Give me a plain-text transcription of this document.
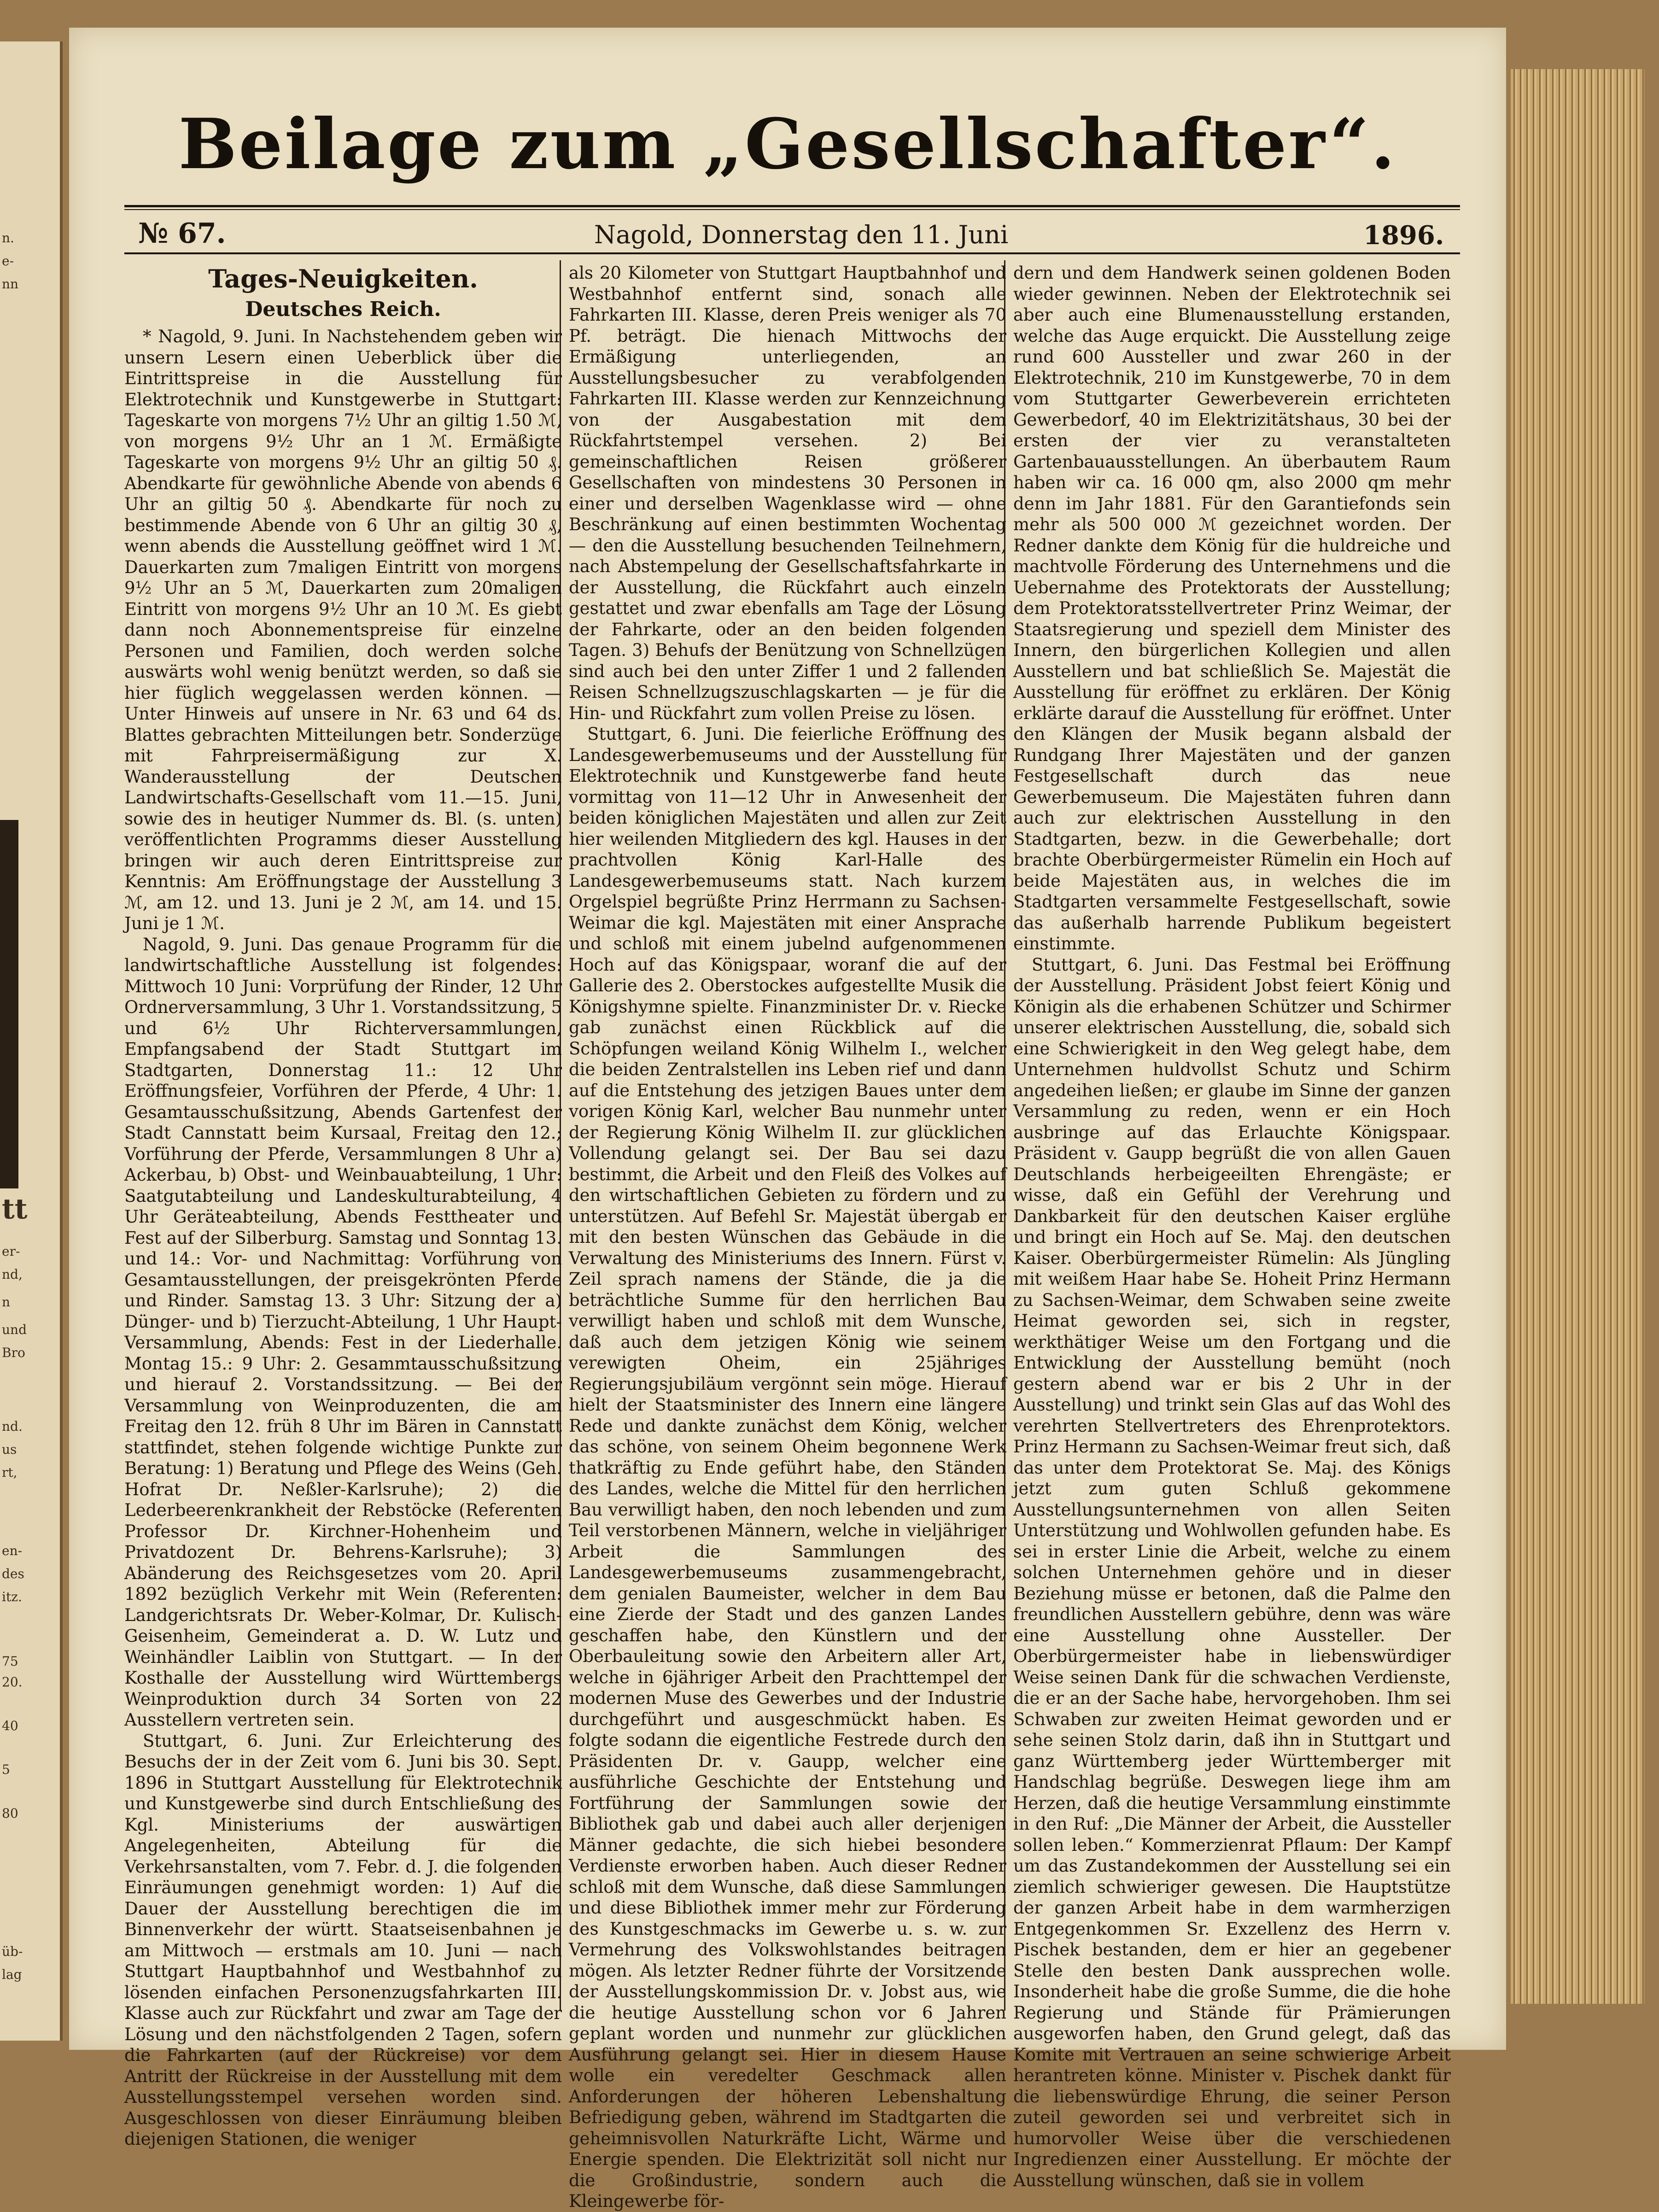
n.
e-
nn
tt
er-
nd,
n
und
Bro
nd.
us
rt,
en-
des
itz.
75
20.
40
5
80
üb-
lag
Beilage zum „Gesellschafter“.
№ 67.	Nagold, Donnerstag den 11. Juni	1896.
Tages-Neuigkeiten.
Deutsches Reich.

* Nagold, 9. Juni. In Nachstehendem geben wir unsern Lesern einen Ueberblick über die Eintrittspreise in die Ausstellung für Elektrotechnik und Kunstgewerbe in Stuttgart: Tageskarte von morgens 7½ Uhr an giltig 1.50 ℳ, von morgens 9½ Uhr an 1 ℳ. Ermäßigte Tageskarte von morgens 9½ Uhr an giltig 50 ₰. Abendkarte für gewöhnliche Abende von abends 6 Uhr an giltig 50 ₰. Abendkarte für noch zu bestimmende Abende von 6 Uhr an giltig 30 ₰, wenn abends die Ausstellung geöffnet wird 1 ℳ. Dauerkarten zum 7maligen Eintritt von morgens 9½ Uhr an 5 ℳ, Dauerkarten zum 20maligen Eintritt von morgens 9½ Uhr an 10 ℳ. Es giebt dann noch Abonnementspreise für einzelne Personen und Familien, doch werden solche auswärts wohl wenig benützt werden, so daß sie hier füglich weggelassen werden können. — Unter Hinweis auf unsere in Nr. 63 und 64 ds. Blattes gebrachten Mitteilungen betr. Sonderzüge mit Fahrpreisermäßigung zur X. Wanderausstellung der Deutschen Landwirtschafts-Gesellschaft vom 11.—15. Juni, sowie des in heutiger Nummer ds. Bl. (s. unten) veröffentlichten Programms dieser Ausstellung bringen wir auch deren Eintrittspreise zur Kenntnis: Am Eröffnungstage der Ausstellung 3 ℳ, am 12. und 13. Juni je 2 ℳ, am 14. und 15. Juni je 1 ℳ.

Nagold, 9. Juni. Das genaue Programm für die landwirtschaftliche Ausstellung ist folgendes: Mittwoch 10 Juni: Vorprüfung der Rinder, 12 Uhr Ordnerversammlung, 3 Uhr 1. Vorstandssitzung, 5 und 6½ Uhr Richterversammlungen, Empfangsabend der Stadt Stuttgart im Stadtgarten, Donnerstag 11.: 12 Uhr Eröffnungsfeier, Vorführen der Pferde, 4 Uhr: 1. Gesamtausschußsitzung, Abends Gartenfest der Stadt Cannstatt beim Kursaal, Freitag den 12.; Vorführung der Pferde, Versammlungen 8 Uhr a) Ackerbau, b) Obst- und Weinbauabteilung, 1 Uhr: Saatgutabteilung und Landeskulturabteilung, 4 Uhr Geräteabteilung, Abends Festtheater und Fest auf der Silberburg. Samstag und Sonntag 13. und 14.: Vor- und Nachmittag: Vorführung von Gesamtausstellungen, der preisgekrönten Pferde und Rinder. Samstag 13. 3 Uhr: Sitzung der a) Dünger- und b) Tierzucht-Abteilung, 1 Uhr Haupt-Versammlung, Abends: Fest in der Liederhalle. Montag 15.: 9 Uhr: 2. Gesammtausschußsitzung und hierauf 2. Vorstandssitzung. — Bei der Versammlung von Weinproduzenten, die am Freitag den 12. früh 8 Uhr im Bären in Cannstatt stattfindet, stehen folgende wichtige Punkte zur Beratung: 1) Beratung und Pflege des Weins (Geh. Hofrat Dr. Neßler-Karlsruhe); 2) die Lederbeerenkrankheit der Rebstöcke (Referenten Professor Dr. Kirchner-Hohenheim und Privatdozent Dr. Behrens-Karlsruhe); 3) Abänderung des Reichsgesetzes vom 20. April 1892 bezüglich Verkehr mit Wein (Referenten: Landgerichtsrats Dr. Weber-Kolmar, Dr. Kulisch-Geisenheim, Gemeinderat a. D. W. Lutz und Weinhändler Laiblin von Stuttgart. — In der Kosthalle der Ausstellung wird Württembergs Weinproduktion durch 34 Sorten von 22 Ausstellern vertreten sein.

Stuttgart, 6. Juni. Zur Erleichterung des Besuchs der in der Zeit vom 6. Juni bis 30. Sept. 1896 in Stuttgart Ausstellung für Elektrotechnik und Kunstgewerbe sind durch Entschließung des Kgl. Ministeriums der auswärtigen Angelegenheiten, Abteilung für die Verkehrsanstalten, vom 7. Febr. d. J. die folgenden Einräumungen genehmigt worden: 1) Auf die Dauer der Ausstellung berechtigen die im Binnenverkehr der württ. Staatseisenbahnen je am Mittwoch — erstmals am 10. Juni — nach Stuttgart Hauptbahnhof und Westbahnhof zu lösenden einfachen Personenzugsfahrkarten III. Klasse auch zur Rückfahrt und zwar am Tage der Lösung und den nächstfolgenden 2 Tagen, sofern die Fahrkarten (auf der Rückreise) vor dem Antritt der Rückreise in der Ausstellung mit dem Ausstellungsstempel versehen worden sind. Ausgeschlossen von dieser Einräumung bleiben diejenigen Stationen, die weniger

als 20 Kilometer von Stuttgart Hauptbahnhof und Westbahnhof entfernt sind, sonach alle Fahrkarten III. Klasse, deren Preis weniger als 70 Pf. beträgt. Die hienach Mittwochs der Ermäßigung unterliegenden, an Ausstellungsbesucher zu verabfolgenden Fahrkarten III. Klasse werden zur Kennzeichnung von der Ausgabestation mit dem Rückfahrtstempel versehen. 2) Bei gemeinschaftlichen Reisen größerer Gesellschaften von mindestens 30 Personen in einer und derselben Wagenklasse wird — ohne Beschränkung auf einen bestimmten Wochentag — den die Ausstellung besuchenden Teilnehmern, nach Abstempelung der Gesellschaftsfahrkarte in der Ausstellung, die Rückfahrt auch einzeln gestattet und zwar ebenfalls am Tage der Lösung der Fahrkarte, oder an den beiden folgenden Tagen. 3) Behufs der Benützung von Schnellzügen sind auch bei den unter Ziffer 1 und 2 fallenden Reisen Schnellzugszuschlagskarten — je für die Hin- und Rückfahrt zum vollen Preise zu lösen.

Stuttgart, 6. Juni. Die feierliche Eröffnung des Landesgewerbemuseums und der Ausstellung für Elektrotechnik und Kunstgewerbe fand heute vormittag von 11—12 Uhr in Anwesenheit der beiden königlichen Majestäten und allen zur Zeit hier weilenden Mitgliedern des kgl. Hauses in der prachtvollen König Karl-Halle des Landesgewerbemuseums statt. Nach kurzem Orgelspiel begrüßte Prinz Herrmann zu Sachsen-Weimar die kgl. Majestäten mit einer Ansprache und schloß mit einem jubelnd aufgenommenen Hoch auf das Königspaar, woranf die auf der Gallerie des 2. Oberstockes aufgestellte Musik die Königshymne spielte. Finanzminister Dr. v. Riecke gab zunächst einen Rückblick auf die Schöpfungen weiland König Wilhelm I., welcher die beiden Zentralstellen ins Leben rief und dann auf die Entstehung des jetzigen Baues unter dem vorigen König Karl, welcher Bau nunmehr unter der Regierung König Wilhelm II. zur glücklichen Vollendung gelangt sei. Der Bau sei dazu bestimmt, die Arbeit und den Fleiß des Volkes auf den wirtschaftlichen Gebieten zu fördern und zu unterstützen. Auf Befehl Sr. Majestät übergab er mit den besten Wünschen das Gebäude in die Verwaltung des Ministeriums des Innern. Fürst v. Zeil sprach namens der Stände, die ja die beträchtliche Summe für den herrlichen Bau verwilligt haben und schloß mit dem Wunsche, daß auch dem jetzigen König wie seinem verewigten Oheim, ein 25jähriges Regierungsjubiläum vergönnt sein möge. Hierauf hielt der Staatsminister des Innern eine längere Rede und dankte zunächst dem König, welcher das schöne, von seinem Oheim begonnene Werk thatkräftig zu Ende geführt habe, den Ständen des Landes, welche die Mittel für den herrlichen Bau verwilligt haben, den noch lebenden und zum Teil verstorbenen Männern, welche in vieljähriger Arbeit die Sammlungen des Landesgewerbemuseums zusammengebracht, dem genialen Baumeister, welcher in dem Bau eine Zierde der Stadt und des ganzen Landes geschaffen habe, den Künstlern und der Oberbauleitung sowie den Arbeitern aller Art, welche in 6jähriger Arbeit den Prachttempel der modernen Muse des Gewerbes und der Industrie durchgeführt und ausgeschmückt haben. Es folgte sodann die eigentliche Festrede durch den Präsidenten Dr. v. Gaupp, welcher eine ausführliche Geschichte der Entstehung und Fortführung der Sammlungen sowie der Bibliothek gab und dabei auch aller derjenigen Männer gedachte, die sich hiebei besondere Verdienste erworben haben. Auch dieser Redner schloß mit dem Wunsche, daß diese Sammlungen und diese Bibliothek immer mehr zur Förderung des Kunstgeschmacks im Gewerbe u. s. w. zur Vermehrung des Volkswohlstandes beitragen mögen. Als letzter Redner führte der Vorsitzende der Ausstellungskommission Dr. v. Jobst aus, wie die heutige Ausstellung schon vor 6 Jahren geplant worden und nunmehr zur glücklichen Ausführung gelangt sei. Hier in diesem Hause wolle ein veredelter Geschmack allen Anforderungen der höheren Lebenshaltung Befriedigung geben, während im Stadtgarten die geheimnisvollen Naturkräfte Licht, Wärme und Energie spenden. Die Elektrizität soll nicht nur die Großindustrie, sondern auch die Kleingewerbe för-

dern und dem Handwerk seinen goldenen Boden wieder gewinnen. Neben der Elektrotechnik sei aber auch eine Blumenausstellung erstanden, welche das Auge erquickt. Die Ausstellung zeige rund 600 Aussteller und zwar 260 in der Elektrotechnik, 210 im Kunstgewerbe, 70 in dem vom Stuttgarter Gewerbeverein errichteten Gewerbedorf, 40 im Elektrizitätshaus, 30 bei der ersten der vier zu veranstalteten Gartenbauausstellungen. An überbautem Raum haben wir ca. 16 000 qm, also 2000 qm mehr denn im Jahr 1881. Für den Garantiefonds sein mehr als 500 000 ℳ gezeichnet worden. Der Redner dankte dem König für die huldreiche und machtvolle Förderung des Unternehmens und die Uebernahme des Protektorats der Ausstellung; dem Protektoratsstellvertreter Prinz Weimar, der Staatsregierung und speziell dem Minister des Innern, den bürgerlichen Kollegien und allen Ausstellern und bat schließlich Se. Majestät die Ausstellung für eröffnet zu erklären. Der König erklärte darauf die Ausstellung für eröffnet. Unter den Klängen der Musik begann alsbald der Rundgang Ihrer Majestäten und der ganzen Festgesellschaft durch das neue Gewerbemuseum. Die Majestäten fuhren dann auch zur elektrischen Ausstellung in den Stadtgarten, bezw. in die Gewerbehalle; dort brachte Oberbürgermeister Rümelin ein Hoch auf beide Majestäten aus, in welches die im Stadtgarten versammelte Festgesellschaft, sowie das außerhalb harrende Publikum begeistert einstimmte.

Stuttgart, 6. Juni. Das Festmal bei Eröffnung der Ausstellung. Präsident Jobst feiert König und Königin als die erhabenen Schützer und Schirmer unserer elektrischen Ausstellung, die, sobald sich eine Schwierigkeit in den Weg gelegt habe, dem Unternehmen huldvollst Schutz und Schirm angedeihen ließen; er glaube im Sinne der ganzen Versammlung zu reden, wenn er ein Hoch ausbringe auf das Erlauchte Königspaar. Präsident v. Gaupp begrüßt die von allen Gauen Deutschlands herbeigeeilten Ehrengäste; er wisse, daß ein Gefühl der Verehrung und Dankbarkeit für den deutschen Kaiser erglühe und bringt ein Hoch auf Se. Maj. den deutschen Kaiser. Oberbürgermeister Rümelin: Als Jüngling mit weißem Haar habe Se. Hoheit Prinz Hermann zu Sachsen-Weimar, dem Schwaben seine zweite Heimat geworden sei, sich in regster, werkthätiger Weise um den Fortgang und die Entwicklung der Ausstellung bemüht (noch gestern abend war er bis 2 Uhr in der Ausstellung) und trinkt sein Glas auf das Wohl des verehrten Stellvertreters des Ehrenprotektors. Prinz Hermann zu Sachsen-Weimar freut sich, daß das unter dem Protektorat Se. Maj. des Königs jetzt zum guten Schluß gekommene Ausstellungsunternehmen von allen Seiten Unterstützung und Wohlwollen gefunden habe. Es sei in erster Linie die Arbeit, welche zu einem solchen Unternehmen gehöre und in dieser Beziehung müsse er betonen, daß die Palme den freundlichen Ausstellern gebühre, denn was wäre eine Ausstellung ohne Aussteller. Der Oberbürgermeister habe in liebenswürdiger Weise seinen Dank für die schwachen Verdienste, die er an der Sache habe, hervorgehoben. Ihm sei Schwaben zur zweiten Heimat geworden und er sehe seinen Stolz darin, daß ihn in Stuttgart und ganz Württemberg jeder Württemberger mit Handschlag begrüße. Deswegen liege ihm am Herzen, daß die heutige Versammlung einstimmte in den Ruf: „Die Männer der Arbeit, die Aussteller sollen leben.“ Kommerzienrat Pflaum: Der Kampf um das Zustandekommen der Ausstellung sei ein ziemlich schwieriger gewesen. Die Hauptstütze der ganzen Arbeit habe in dem warmherzigen Entgegenkommen Sr. Exzellenz des Herrn v. Pischek bestanden, dem er hier an gegebener Stelle den besten Dank aussprechen wolle. Insonderheit habe die große Summe, die die hohe Regierung und Stände für Prämierungen ausgeworfen haben, den Grund gelegt, daß das Komite mit Vertrauen an seine schwierige Arbeit herantreten könne. Minister v. Pischek dankt für die liebenswürdige Ehrung, die seiner Person zuteil geworden sei und verbreitet sich in humorvoller Weise über die verschiedenen Ingredienzen einer Ausstellung. Er möchte der Ausstellung wünschen, daß sie in vollem
